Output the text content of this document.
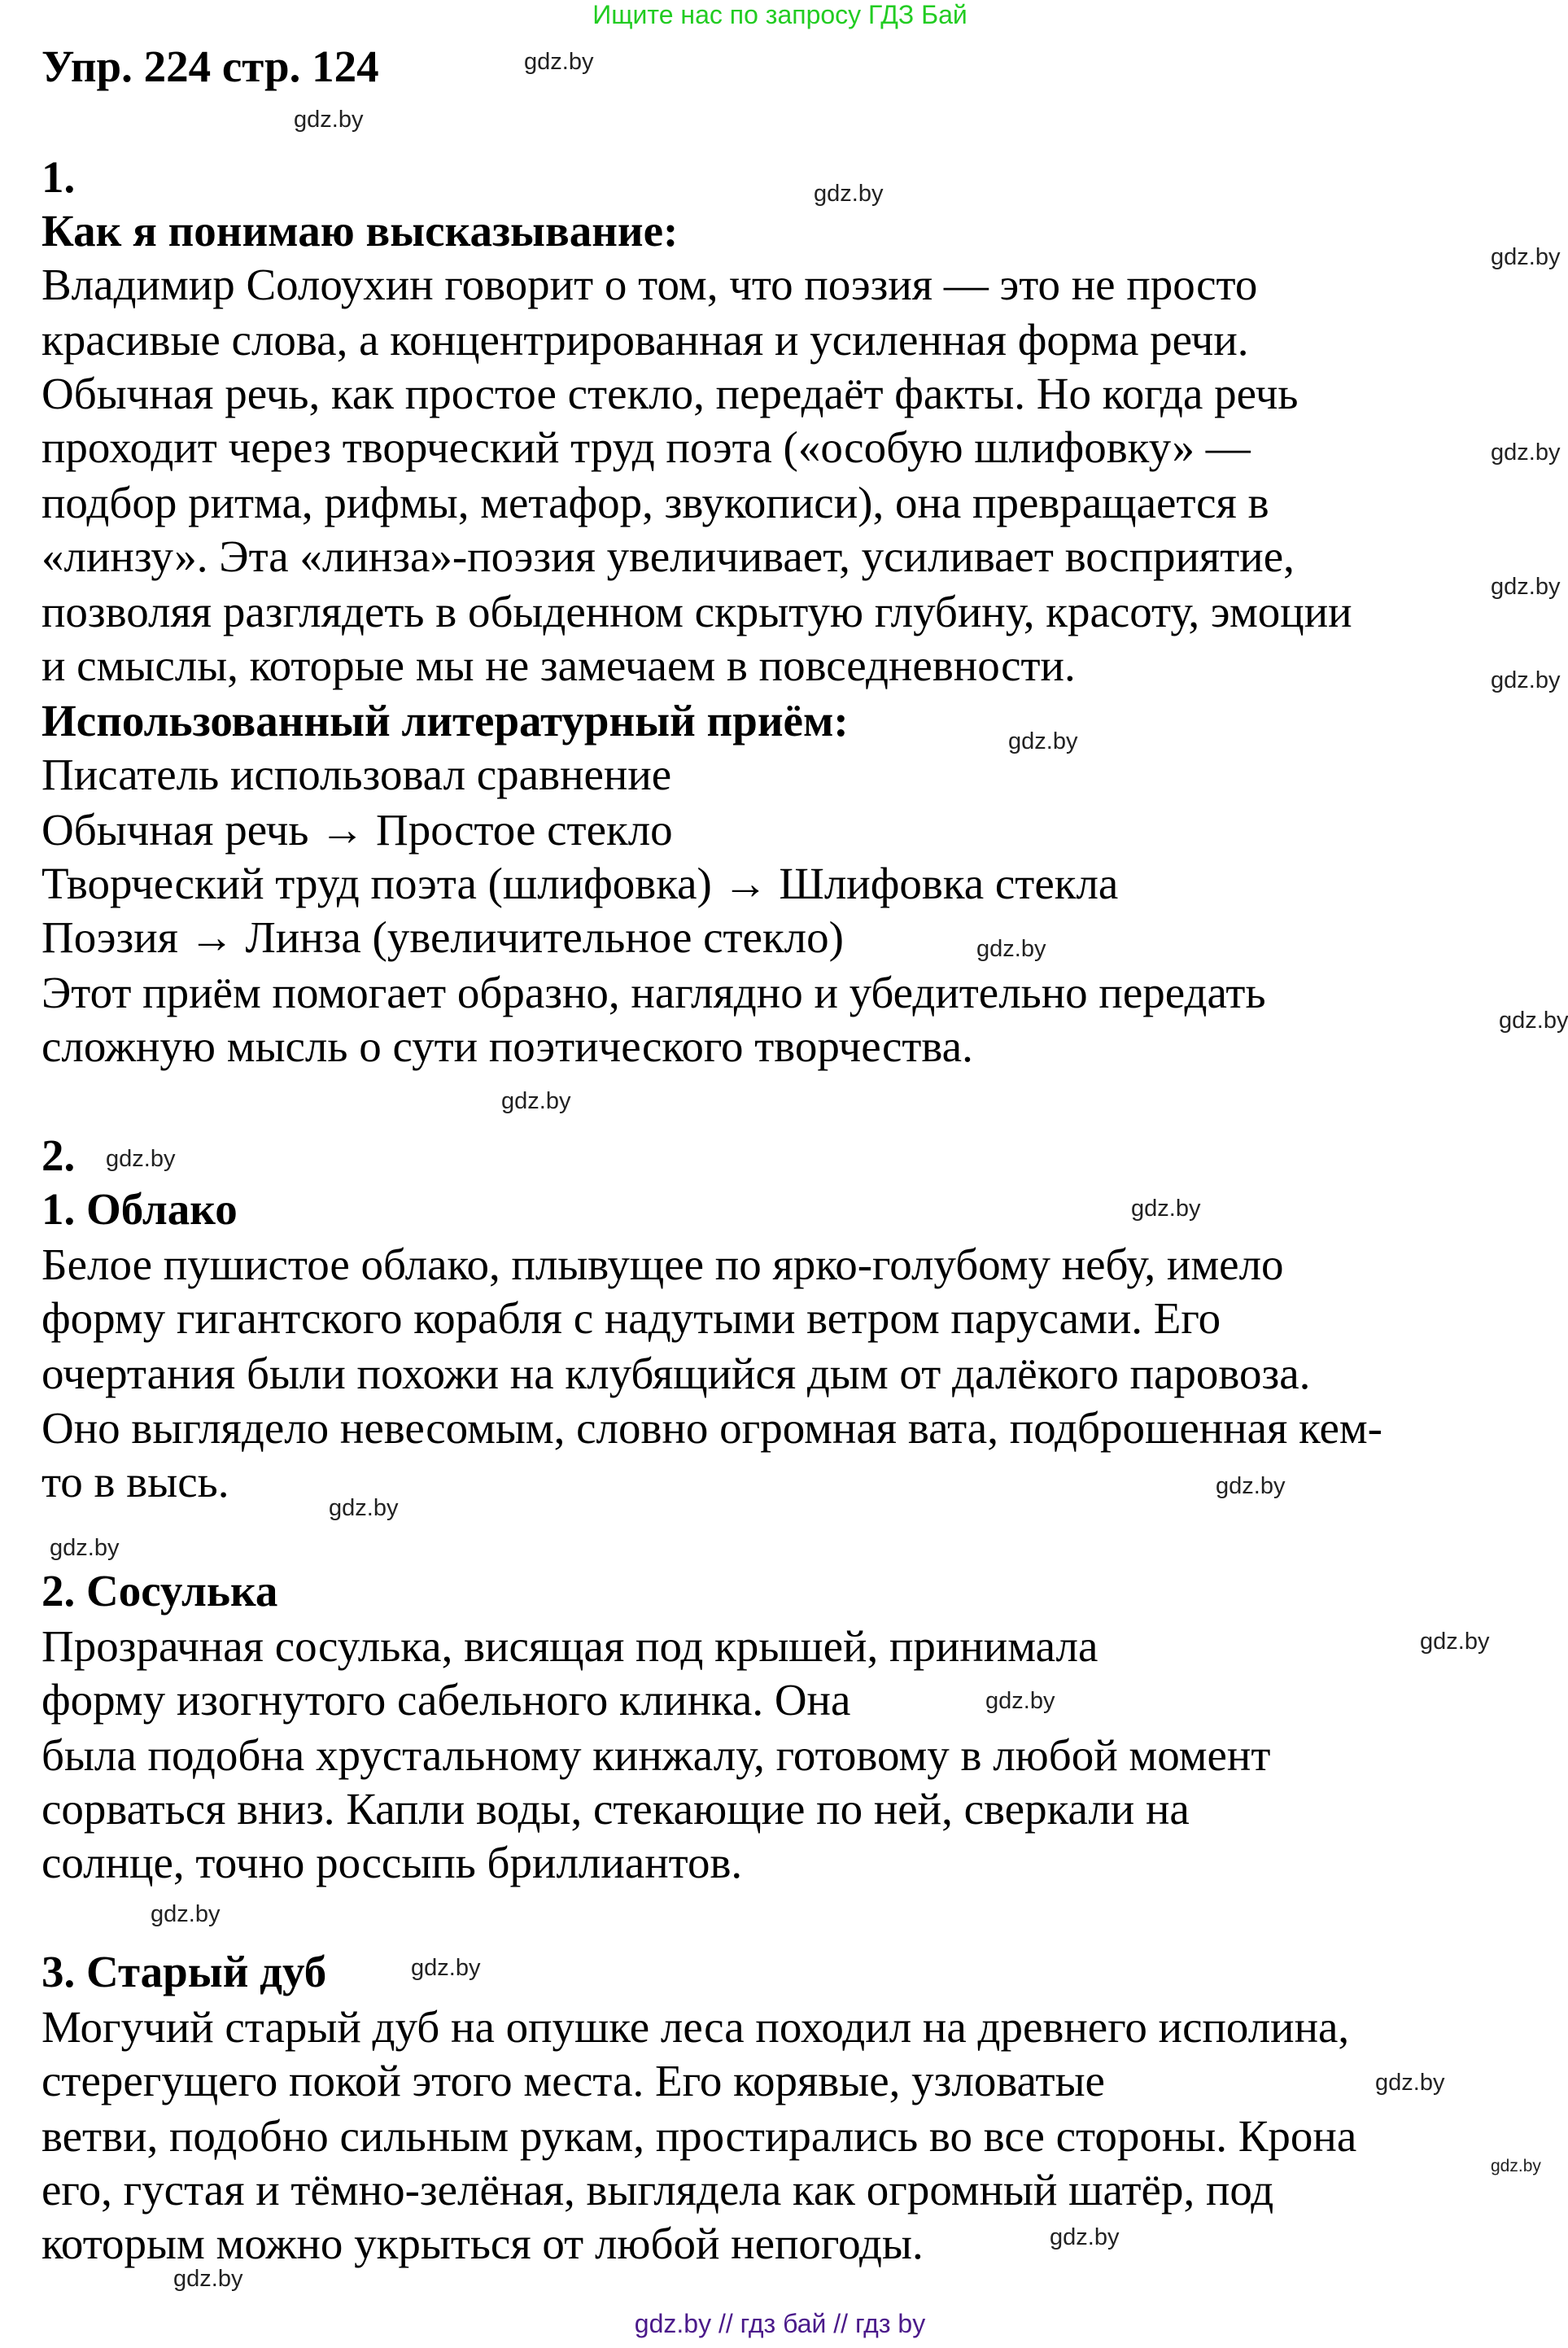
Ищите нас по запросу ГДЗ Бай
Упр. 224 стр. 124
1.
Как я понимаю высказывание:
Владимир Солоухин говорит о том, что поэзия — это не просто
красивые слова, а концентрированная и усиленная форма речи.
Обычная речь, как простое стекло, передаёт факты. Но когда речь
проходит через творческий труд поэта («особую шлифовку» —
подбор ритма, рифмы, метафор, звукописи), она превращается в
«линзу». Эта «линза»-поэзия увеличивает, усиливает восприятие,
позволяя разглядеть в обыденном скрытую глубину, красоту, эмоции
и смыслы, которые мы не замечаем в повседневности.
Использованный литературный приём:
Писатель использовал сравнение
Обычная речь → Простое стекло
Творческий труд поэта (шлифовка) → Шлифовка стекла
Поэзия → Линза (увеличительное стекло)
Этот приём помогает образно, наглядно и убедительно передать
сложную мысль о сути поэтического творчества.
2.
1. Облако
Белое пушистое облако, плывущее по ярко-голубому небу, имело
форму гигантского корабля с надутыми ветром парусами. Его
очертания были похожи на клубящийся дым от далёкого паровоза.
Оно выглядело невесомым, словно огромная вата, подброшенная кем-
то в высь.
2. Сосулька
Прозрачная сосулька, висящая под крышей, принимала
форму изогнутого сабельного клинка. Она
была подобна хрустальному кинжалу, готовому в любой момент
сорваться вниз. Капли воды, стекающие по ней, сверкали на
солнце, точно россыпь бриллиантов.
3. Старый дуб
Могучий старый дуб на опушке леса походил на древнего исполина,
стерегущего покой этого места. Его корявые, узловатые
ветви, подобно сильным рукам, простирались во все стороны. Крона
его, густая и тёмно-зелёная, выглядела как огромный шатёр, под
которым можно укрыться от любой непогоды.
gdz.by
gdz.by
gdz.by
gdz.by
gdz.by
gdz.by
gdz.by
gdz.by
gdz.by
gdz.by
gdz.by
gdz.by
gdz.by
gdz.by
gdz.by
gdz.by
gdz.by
gdz.by
gdz.by
gdz.by
gdz.by
gdz.by
gdz.by
gdz.by
gdz.by // гдз бай // гдз by
